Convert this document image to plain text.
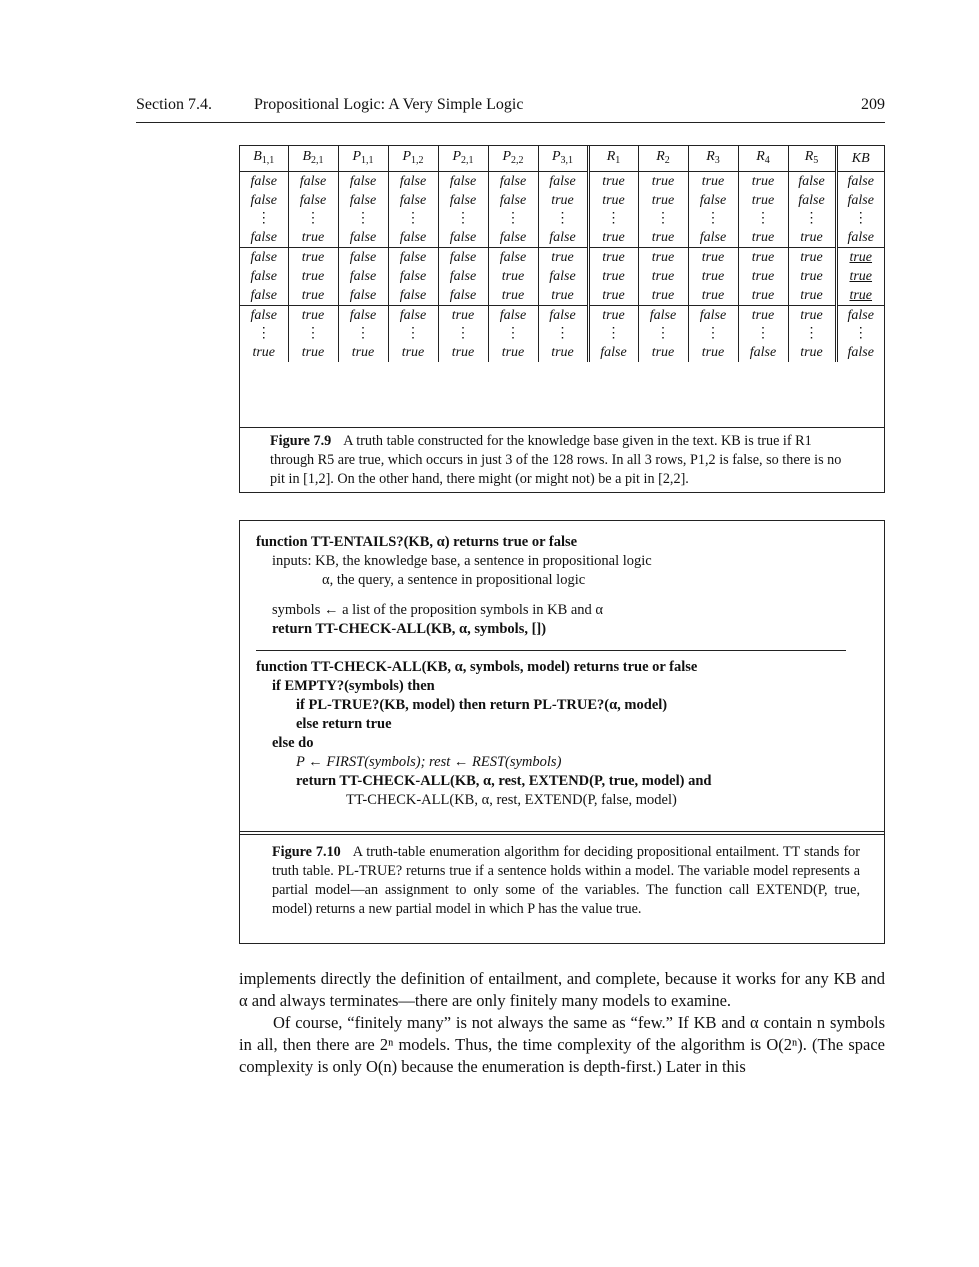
Section 7.4.	Propositional Logic: A Very Simple Logic	209
$B_{1,1}$	$B_{2,1}$	$P_{1,1}$	$P_{1,2}$	$P_{2,1}$	$P_{2,2}$	$P_{3,1}$	$R_1$	$R_2$	$R_3$	$R_4$	$R_5$	KB
false	false	false	false	false	false	false	true	true	true	true	false	false
false	false	false	false	false	false	true	true	true	false	true	false	false
⋮	⋮	⋮	⋮	⋮	⋮	⋮	⋮	⋮	⋮	⋮	⋮	⋮
false	true	false	false	false	false	false	true	true	false	true	true	false
false	true	false	false	false	false	true	true	true	true	true	true	true
false	true	false	false	false	true	false	true	true	true	true	true	true
false	true	false	false	false	true	true	true	true	true	true	true	true
false	true	false	false	true	false	false	true	false	false	true	true	false
⋮	⋮	⋮	⋮	⋮	⋮	⋮	⋮	⋮	⋮	⋮	⋮	⋮
true	true	true	true	true	true	true	false	true	true	false	true	false
Figure 7.9 A truth table constructed for the knowledge base given in the text. KB is true if R1 through R5 are true, which occurs in just 3 of the 128 rows. In all 3 rows, P1,2 is false, so there is no pit in [1,2]. On the other hand, there might (or might not) be a pit in [2,2].
function TT-ENTAILS?(KB, α) returns true or false
inputs: KB, the knowledge base, a sentence in propositional logic
α, the query, a sentence in propositional logic
symbols ← a list of the proposition symbols in KB and α
return TT-CHECK-ALL(KB, α, symbols, [])
function TT-CHECK-ALL(KB, α, symbols, model) returns true or false
if EMPTY?(symbols) then
if PL-TRUE?(KB, model) then return PL-TRUE?(α, model)
else return true
else do
P ← FIRST(symbols); rest ← REST(symbols)
return TT-CHECK-ALL(KB, α, rest, EXTEND(P, true, model) and
TT-CHECK-ALL(KB, α, rest, EXTEND(P, false, model)
Figure 7.10 A truth-table enumeration algorithm for deciding propositional entailment. TT stands for truth table. PL-TRUE? returns true if a sentence holds within a model. The variable model represents a partial model—an assignment to only some of the variables. The function call EXTEND(P, true, model) returns a new partial model in which P has the value true.

implements directly the definition of entailment, and complete, because it works for any KB and α and always terminates—there are only finitely many models to examine.

Of course, “finitely many” is not always the same as “few.” If KB and α contain n symbols in all, then there are 2ⁿ models. Thus, the time complexity of the algorithm is O(2ⁿ). (The space complexity is only O(n) because the enumeration is depth-first.) Later in this
